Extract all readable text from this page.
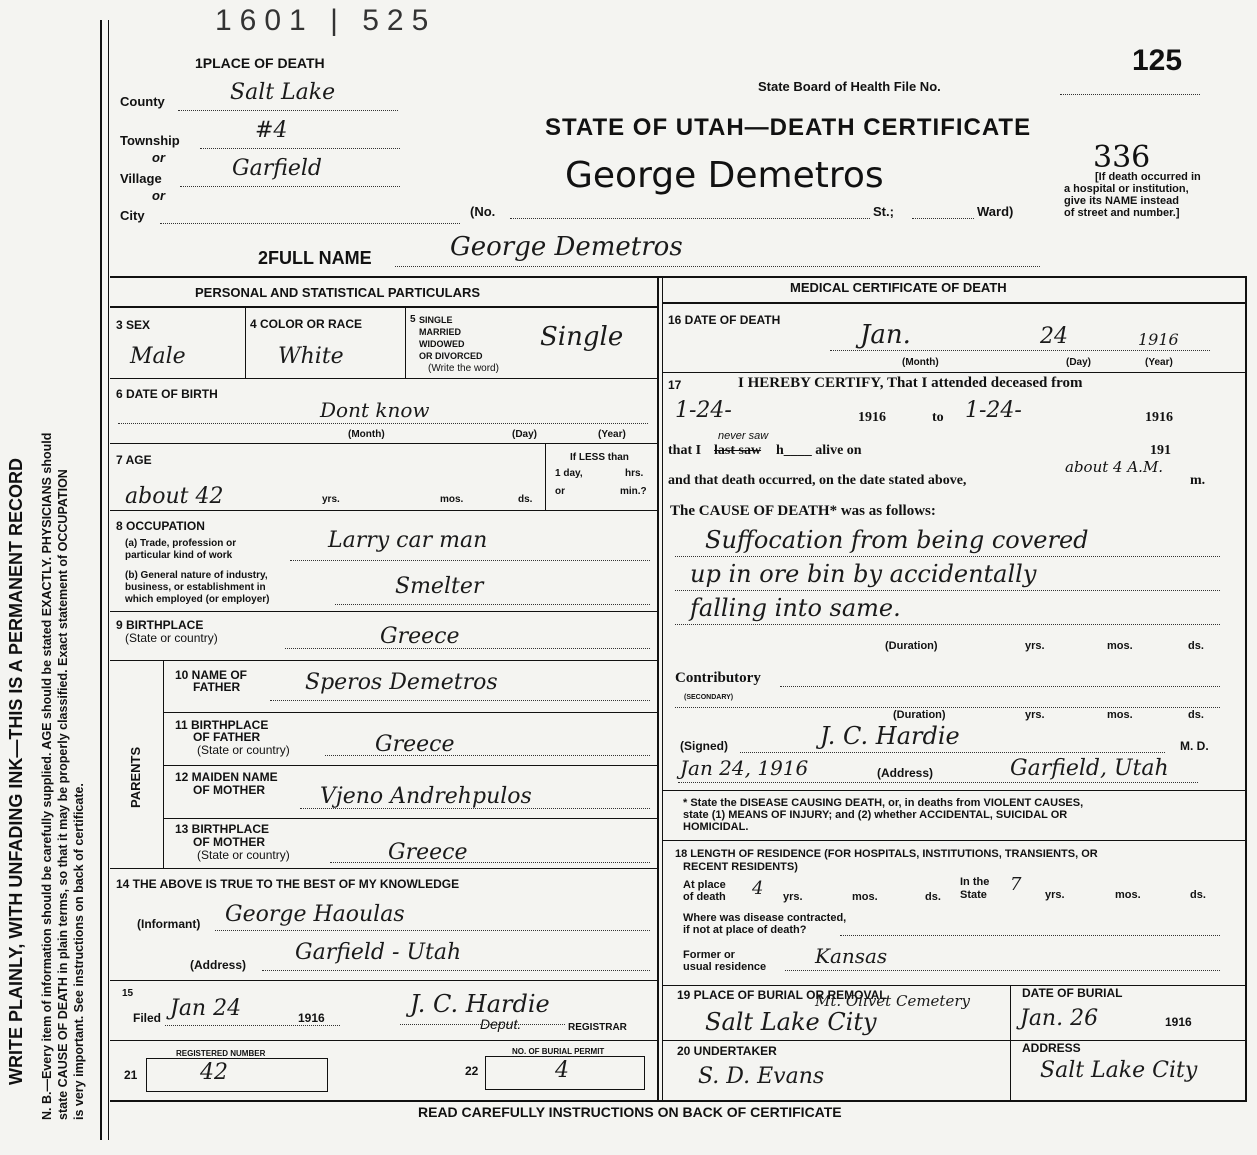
WRITE PLAINLY, WITH UNFADING INK—THIS IS A PERMANENT RECORD N. B.—Every item of information should be carefully supplied. AGE should be stated EXACTLY. PHYSICIANS should state CAUSE OF DEATH in plain terms, so that it may be properly classified. Exact statement of OCCUPATION is very important. See instructions on back of certificate.
1601 | 525
1PLACE OF DEATH
County	Salt Lake
Township	#4
or
Village	Garfield
or
City	(No.	St.;	Ward)
State Board of Health File No.
125
STATE OF UTAH—DEATH CERTIFICATE
336
George Demetros	[If death occurred in
a hospital or institution,
give its NAME instead
of street and number.]
2FULL NAME	George Demetros
PERSONAL AND STATISTICAL PARTICULARS
3 SEX
Male
4 COLOR OR RACE
White
5 SINGLE
MARRIED
WIDOWED
OR DIVORCED
(Write the word)
Single
6 DATE OF BIRTH
Dont know
(Month)	(Day)	(Year)
7 AGE
about 42	yrs.	mos.	ds.
If LESS than
1 day,	hrs.
or	min.?
8 OCCUPATION
(a) Trade, profession or
particular kind of work
Larry car man
(b) General nature of industry,
business, or establishment in
which employed (or employer)
Smelter
9 BIRTHPLACE
(State or country)	Greece
PARENTS
10 NAME OF
FATHER	Speros Demetros
11 BIRTHPLACE
OF FATHER
(State or country)	Greece
12 MAIDEN NAME
OF MOTHER	Vjeno Andrehpulos
13 BIRTHPLACE
OF MOTHER
(State or country)	Greece
14 THE ABOVE IS TRUE TO THE BEST OF MY KNOWLEDGE
(Informant) George Haoulas
(Address) Garfield - Utah
15
Filed Jan 24	1916	J. C. Hardie
Deput.	REGISTRAR
REGISTERED NUMBER
21	42
NO. OF BURIAL PERMIT
22	4
MEDICAL CERTIFICATE OF DEATH
16 DATE OF DEATH	Jan.	24	1916
(Month)	(Day)	(Year)
17	I HEREBY CERTIFY, That I attended deceased from
1-24-	1916	to 1-24-	1916
never saw
that I last saw h____ alive on	191
and that death occurred, on the date stated above,
about 4 A.M.
m.
The CAUSE OF DEATH* was as follows:
Suffocation from being covered
up in ore bin by accidentally
falling into same.
(Duration)	yrs.	mos.	ds.
Contributory
(SECONDARY)
(Duration)	yrs.	mos.	ds.
(Signed)	J. C. Hardie	M. D.
Jan 24, 1916	(Address)	Garfield, Utah
* State the DISEASE CAUSING DEATH, or, in deaths from VIOLENT CAUSES,
state (1) MEANS OF INJURY; and (2) whether ACCIDENTAL, SUICIDAL OR
HOMICIDAL.
18 LENGTH OF RESIDENCE (FOR HOSPITALS, INSTITUTIONS, TRANSIENTS, OR
RECENT RESIDENTS)
At place
of death 4 yrs.	mos.	ds.
In the
State 7 yrs.	mos.	ds.
Where was disease contracted,
if not at place of death?
Former or
usual residence Kansas
19 PLACE OF BURIAL OR REMOVAL
Mt. Olivet Cemetery
Salt Lake City
DATE OF BURIAL
Jan. 26	1916
20 UNDERTAKER
S. D. Evans
ADDRESS
Salt Lake City
READ CAREFULLY INSTRUCTIONS ON BACK OF CERTIFICATE
